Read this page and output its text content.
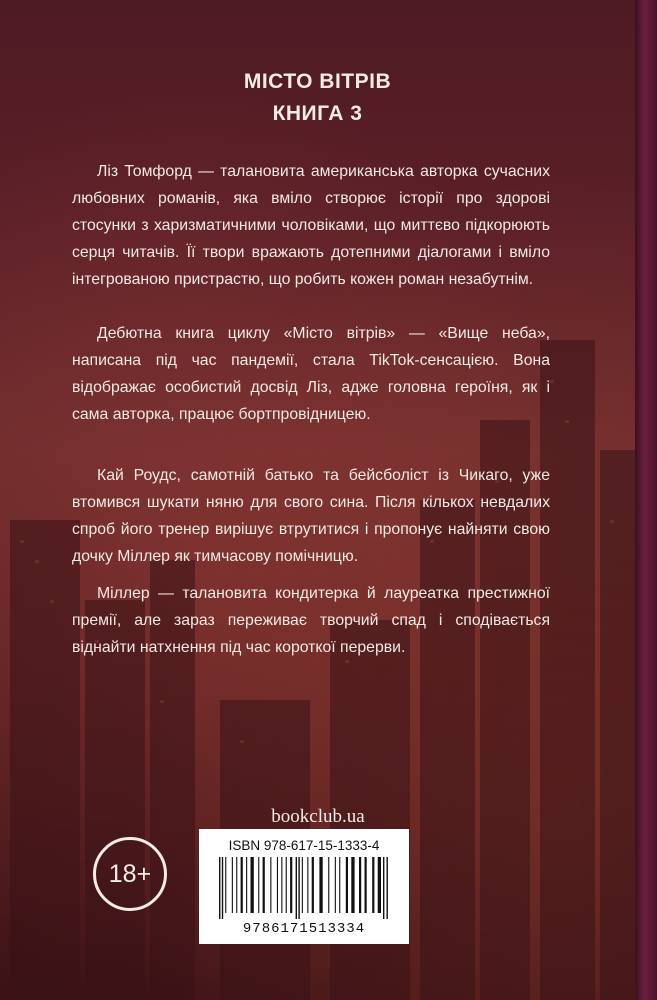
МІСТО ВІТРІВ
КНИГА 3

Ліз Томфорд — талановита американська авторка сучасних любовних романів, яка вміло створює історії про здорові стосунки з харизматичними чоловіками, що миттєво підкорюють серця читачів. Її твори вражають дотепними діалогами і вміло інтегрованою пристрастю, що робить кожен роман незабутнім.

Дебютна книга циклу «Місто вітрів» — «Вище неба», написана під час пандемії, стала TikTok-сенсацією. Вона відображає особистий досвід Ліз, адже головна героїня, як і сама авторка, працює бортпровідницею.

Кай Роудс, самотній батько та бейсболіст із Чикаго, уже втомився шукати няню для свого сина. Після кількох невдалих спроб його тренер вирішує втрутитися і пропонує найняти свою дочку Міллер як тимчасову помічницю.

Міллер — талановита кондитерка й лауреатка престижної премії, але зараз переживає творчий спад і сподівається віднайти натхнення під час короткої перерви.

bookclub.ua
18+
ISBN 978-617-15-1333-4
9786171513334
